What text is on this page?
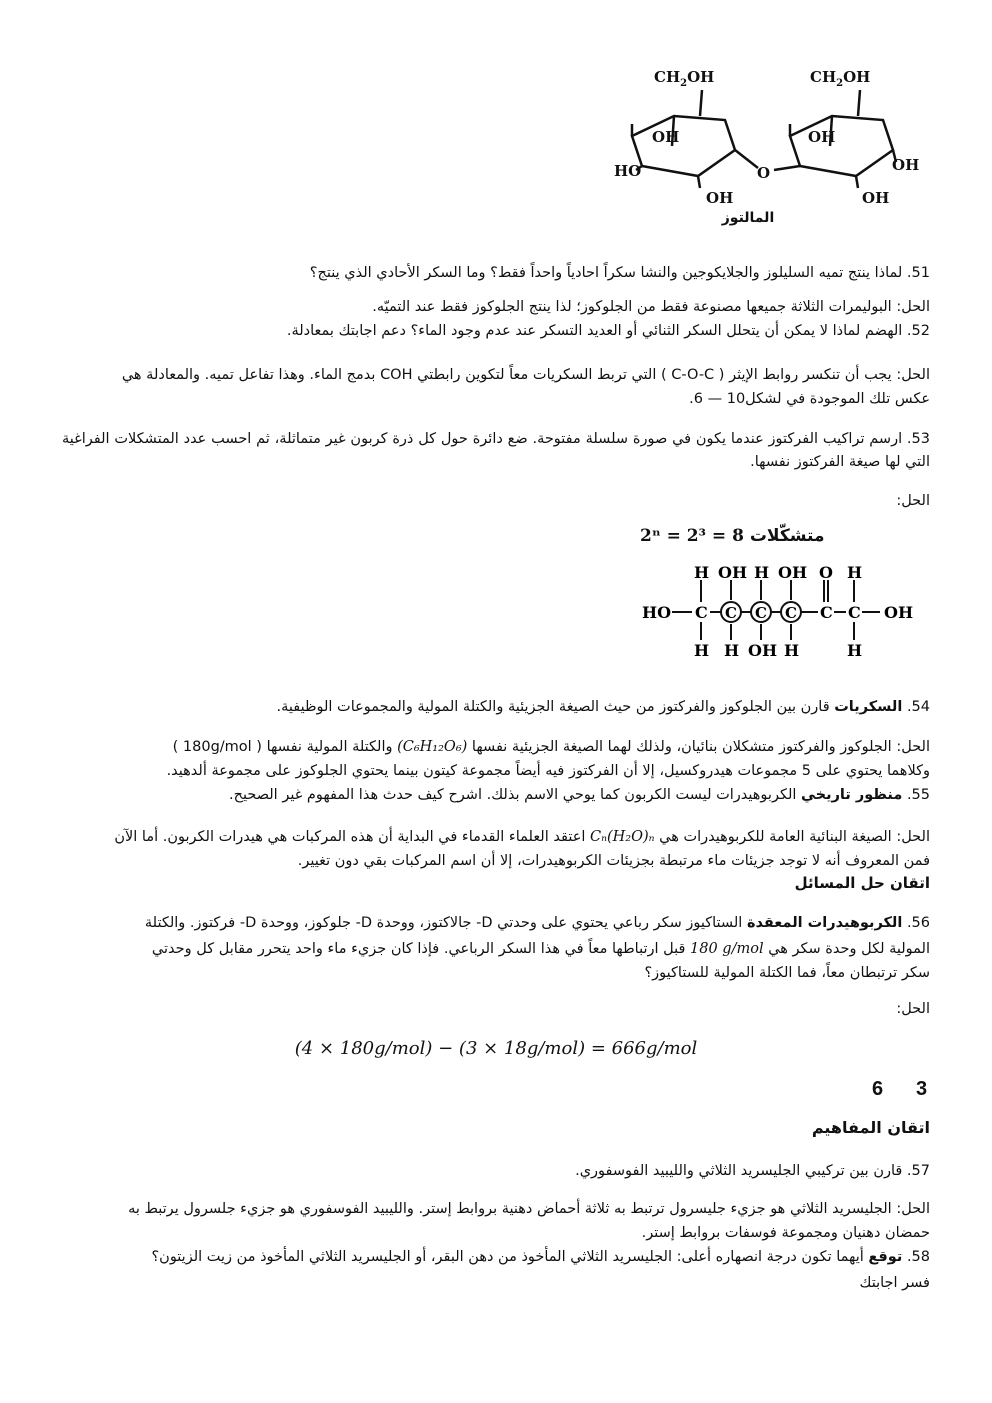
$CH_2OH$
OH
HO
OH
O
$CH_2OH$
OH
OH
OH
المالتوز

51. لماذا ينتج تميه السليلوز والجلايكوجين والنشا سكراً احادياً واحداً فقط؟ وما السكر الأحادي الذي ينتج؟

الحل: البوليمرات الثلاثة جميعها مصنوعة فقط من الجلوكوز؛ لذا ينتج الجلوكوز فقط عند التميّه.

52. الهضم لماذا لا يمكن أن يتحلل السكر الثنائي أو العديد التسكر عند عدم وجود الماء؟ دعم اجابتك بمعادلة.

الحل: يجب أن تنكسر روابط الإيثر ( C-O-C ) التي تربط السكريات معاً لتكوين رابطتي COH بدمج الماء. وهذا تفاعل تميه. والمعادلة هي

عكس تلك الموجودة في لشكل10 — 6.

53. ارسم تراكيب الفركتوز عندما يكون في صورة سلسلة مفتوحة. ضع دائرة حول كل ذرة كربون غير متماثلة، ثم احسب عدد المتشكلات الفراغية التي لها صيغة الفركتوز نفسها.

الحل:

2ⁿ = 2³ = 8 متشكّلات
H OH H OH O H
HO C C C C C C OH
H H OH H	H

54. السكريات قارن بين الجلوكوز والفركتوز من حيث الصيغة الجزيئية والكتلة المولية والمجموعات الوظيفية.

الحل: الجلوكوز والفركتوز متشكلان بنائيان، ولذلك لهما الصيغة الجزيئية نفسها (C₆H₁₂O₆) والكتلة المولية نفسها ( 180g/mol )

وكلاهما يحتوي على 5 مجموعات هيدروكسيل، إلا أن الفركتوز فيه أيضاً مجموعة كيتون بينما يحتوي الجلوكوز على مجموعة ألدهيد.

55. منظور تاريخي الكربوهيدرات ليست الكربون كما يوحي الاسم بذلك. اشرح كيف حدث هذا المفهوم غير الصحيح.

الحل: الصيغة البنائية العامة للكربوهيدرات هي Cₙ(H₂O)ₙ اعتقد العلماء القدماء في البداية أن هذه المركبات هي هيدرات الكربون. أما الآن

فمن المعروف أنه لا توجد جزيئات ماء مرتبطة بجزيئات الكربوهيدرات، إلا أن اسم المركبات بقي دون تغيير.

اتقان حل المسائل

56. الكربوهيدرات المعقدة الستاكيوز سكر رباعي يحتوي على وحدتي D- جالاكتوز، ووحدة D- جلوكوز، ووحدة D- فركتوز. والكتلة

المولية لكل وحدة سكر هي 180 g/mol قبل ارتباطها معاً في هذا السكر الرباعي. فإذا كان جزيء ماء واحد يتحرر مقابل كل وحدتي

سكر ترتبطان معاً، فما الكتلة المولية للستاكيوز؟

الحل:

(4 × 180g/mol) − (3 × 18g/mol) = 666g/mol
6 3
اتقان المفاهيم

57. قارن بين تركيبي الجليسريد الثلاثي والليبيد الفوسفوري.

الحل: الجليسريد الثلاثي هو جزيء جليسرول ترتبط به ثلاثة أحماض دهنية بروابط إستر. والليبيد الفوسفوري هو جزيء جلسرول يرتبط به

حمضان دهنيان ومجموعة فوسفات بروابط إستر.

58. توقع أيهما تكون درجة انصهاره أعلى: الجليسريد الثلاثي المأخوذ من دهن البقر، أو الجليسريد الثلاثي المأخوذ من زيت الزيتون؟

فسر اجابتك
